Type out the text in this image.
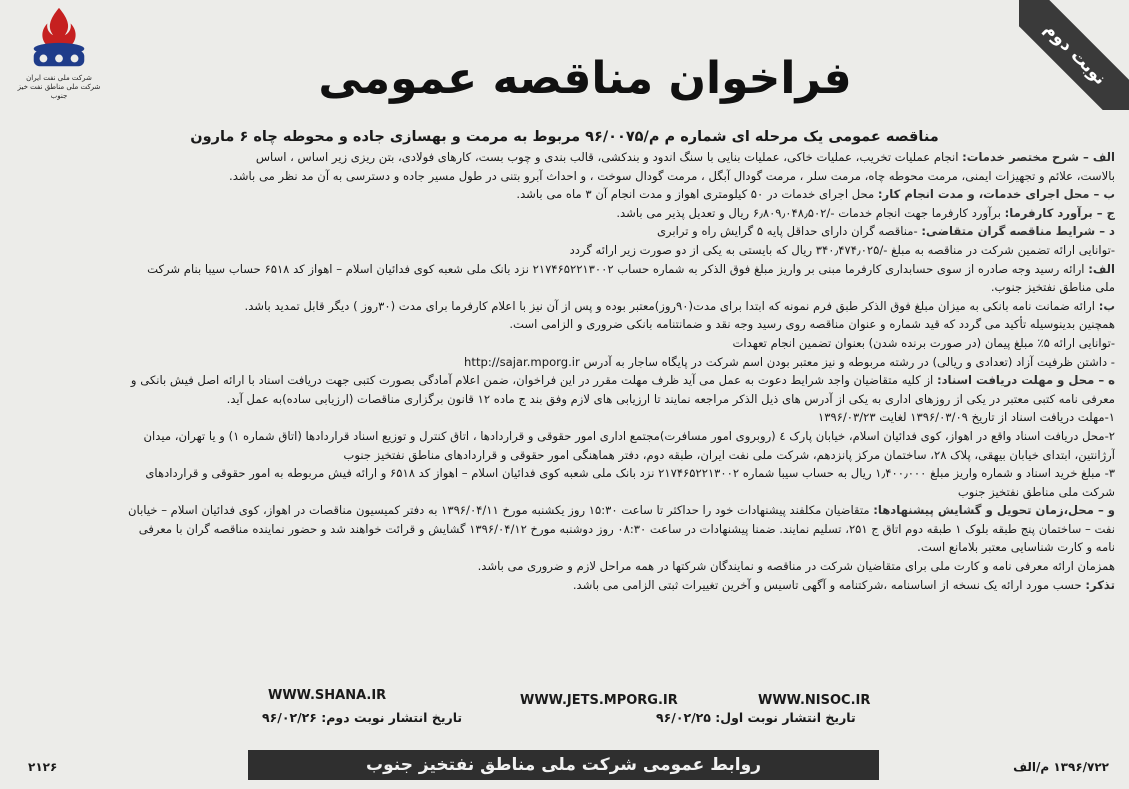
شرکت ملی نفت ایران
شرکت ملی مناطق نفت خیز جنوب	فراخوان مناقصه عمومی	نوبت دوم
مناقصه عمومی یک مرحله ای شماره م م/۹۶/۰۰۷۵ مربوط به مرمت و بهسازی جاده و محوطه چاه ۶ مارون
الف – شرح مختصر خدمات: انجام عملیات تخریب، عملیات خاکی، عملیات بنایی با سنگ اندود و بندکشی، قالب بندی و چوب بست، کارهای فولادی، بتن ریزی زیر اساس ، اساس
بالاست، علائم و تجهیزات ایمنی، مرمت محوطه چاه، مرمت سلر ، مرمت گودال آبگل ، مرمت گودال سوخت ، و احداث آبرو بتنی در طول مسیر جاده و دسترسی به آن مد نظر می باشد.
ب – محل اجرای خدمات، و مدت انجام کار: محل اجرای خدمات در ۵۰ کیلومتری اهواز و مدت انجام آن ۳ ماه می باشد.
ج – برآورد کارفرما: برآورد کارفرما جهت انجام خدمات -/۶٫۸۰۹٫۰۴۸٫۵۰۲ ریال و تعدیل پذیر می باشد.
د – شرایط مناقصه گران متقاضی: -مناقصه گران دارای حداقل پایه ۵ گرایش راه و ترابری
-توانایی ارائه تضمین شرکت در مناقصه به مبلغ -/۳۴۰٫۴۷۴٫۰۲۵ ریال که بایستی به یکی از دو صورت زیر ارائه گردد
الف: ارائه رسید وجه صادره از سوی حسابداری کارفرما مبنی بر واریز مبلغ فوق الذکر به شماره حساب ۲۱۷۴۶۵۲۲۱۳۰۰۲ نزد بانک ملی شعبه کوی فدائیان اسلام – اهواز کد ۶۵۱۸ حساب سیبا بنام شرکت
ملی مناطق نفتخیز جنوب.
ب: ارائه ضمانت نامه بانکی به میزان مبلغ فوق الذکر طبق فرم نمونه که ابتدا برای مدت(۹۰روز)معتبر بوده و پس از آن نیز با اعلام کارفرما برای مدت (۳۰روز ) دیگر قابل تمدید باشد.
همچنین بدینوسیله تأکید می گردد که قید شماره و عنوان مناقصه روی رسید وجه نقد و ضمانتنامه بانکی ضروری و الزامی است.
-توانایی ارائه ۵٪ مبلغ پیمان (در صورت برنده شدن) بعنوان تضمین انجام تعهدات
- داشتن ظرفیت آزاد (تعدادی و ریالی) در رشته مربوطه و نیز معتبر بودن اسم شرکت در پایگاه ساجار به آدرس http://sajar.mporg.ir
ه – محل و مهلت دریافت اسناد: از کلیه متقاضیان واجد شرایط دعوت به عمل می آید ظرف مهلت مقرر در این فراخوان، ضمن اعلام آمادگی بصورت کتبی جهت دریافت اسناد با ارائه اصل فیش بانکی و
معرفی نامه کتبی معتبر در یکی از روزهای اداری به یکی از آدرس های ذیل الذکر مراجعه نمایند تا ارزیابی های لازم وفق بند ج ماده ۱۲ قانون برگزاری مناقصات (ارزیابی ساده)به عمل آید.
۱-مهلت دریافت اسناد از تاریخ ۱۳۹۶/۰۳/۰۹ لغایت ۱۳۹۶/۰۳/۲۳
۲-محل دریافت اسناد واقع در اهواز، کوی فدائیان اسلام، خیابان پارک ٤ (روبروی امور مسافرت)مجتمع اداری امور حقوقی و قراردادها ، اتاق کنترل و توزیع اسناد قراردادها (اتاق شماره ۱) و یا تهران، میدان
آرژانتین، ابتدای خیابان بیهقی، پلاک ۲۸، ساختمان مرکز پانزدهم، شرکت ملی نفت ایران، طبقه دوم، دفتر هماهنگی امور حقوقی و قراردادهای مناطق نفتخیز جنوب
۳- مبلغ خرید اسناد و شماره واریز مبلغ ۱٫۴۰۰٫۰۰۰ ریال به حساب سیبا شماره ۲۱۷۴۶۵۲۲۱۳۰۰۲ نزد بانک ملی شعبه کوی فدائیان اسلام – اهواز کد ۶۵۱۸ و ارائه فیش مربوطه به امور حقوقی و قراردادهای
شرکت ملی مناطق نفتخیز جنوب
و – محل،زمان تحویل و گشایش پیشنهادها: متقاضیان مکلفند پیشنهادات خود را حداکثر تا ساعت ۱۵:۳۰ روز یکشنبه مورخ ۱۳۹۶/۰۴/۱۱ به دفتر کمیسیون مناقصات در اهواز، کوی فدائیان اسلام – خیابان
نفت – ساختمان پنج طبقه بلوک ۱ طبقه دوم اتاق ج ۲۵۱، تسلیم نمایند. ضمنا پیشنهادات در ساعت ۰۸:۳۰ روز دوشنبه مورخ ۱۳۹۶/۰۴/۱۲ گشایش و قرائت خواهند شد و حضور نماینده مناقصه گران با معرفی
نامه و کارت شناسایی معتبر بلامانع است.
همزمان ارائه معرفی نامه و کارت ملی برای متقاضیان شرکت در مناقصه و نمایندگان شرکتها در همه مراحل لازم و ضروری می باشد.
تذکر: حسب مورد ارائه یک نسخه از اساسنامه ،شرکتنامه و آگهی تاسیس و آخرین تغییرات ثبتی الزامی می باشد.
WWW.SHANA.IR	WWW.JETS.MPORG.IR	WWW.NISOC.IR
تاریخ انتشار نوبت دوم: ۹۶/۰۲/۲۶	تاریخ انتشار نوبت اول: ۹۶/۰۲/۲۵
روابط عمومی شرکت ملی مناطق نفتخیز جنوب
۲۱۲۶	۱۳۹۶/۷۲۲ م/الف
